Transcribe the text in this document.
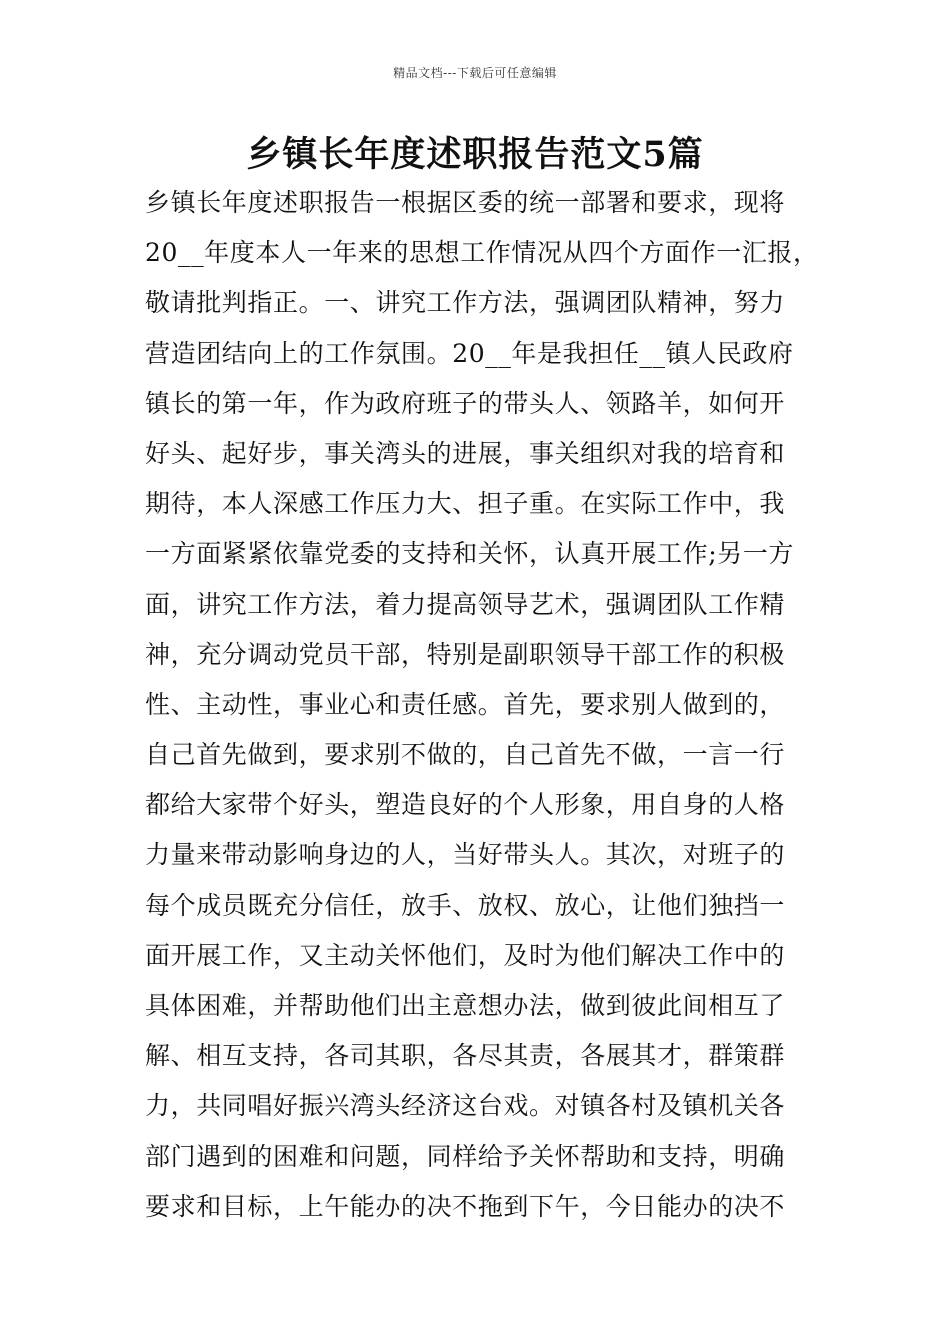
精品文档---下载后可任意编辑
乡镇长年度述职报告范文5篇
乡镇长年度述职报告一根据区委的统一部署和要求，现将
20__年度本人一年来的思想工作情况从四个方面作一汇报，
敬请批判指正。一、讲究工作方法，强调团队精神，努力
营造团结向上的工作氛围。20__年是我担任__镇人民政府
镇长的第一年，作为政府班子的带头人、领路羊，如何开
好头、起好步，事关湾头的进展，事关组织对我的培育和
期待，本人深感工作压力大、担子重。在实际工作中，我
一方面紧紧依靠党委的支持和关怀，认真开展工作;另一方
面，讲究工作方法，着力提高领导艺术，强调团队工作精
神，充分调动党员干部，特别是副职领导干部工作的积极
性、主动性，事业心和责任感。首先，要求别人做到的，
自己首先做到，要求别不做的，自己首先不做，一言一行
都给大家带个好头，塑造良好的个人形象，用自身的人格
力量来带动影响身边的人，当好带头人。其次，对班子的
每个成员既充分信任，放手、放权、放心，让他们独挡一
面开展工作，又主动关怀他们，及时为他们解决工作中的
具体困难，并帮助他们出主意想办法，做到彼此间相互了
解、相互支持，各司其职，各尽其责，各展其才，群策群
力，共同唱好振兴湾头经济这台戏。对镇各村及镇机关各
部门遇到的困难和问题，同样给予关怀帮助和支持，明确
要求和目标，上午能办的决不拖到下午，今日能办的决不
